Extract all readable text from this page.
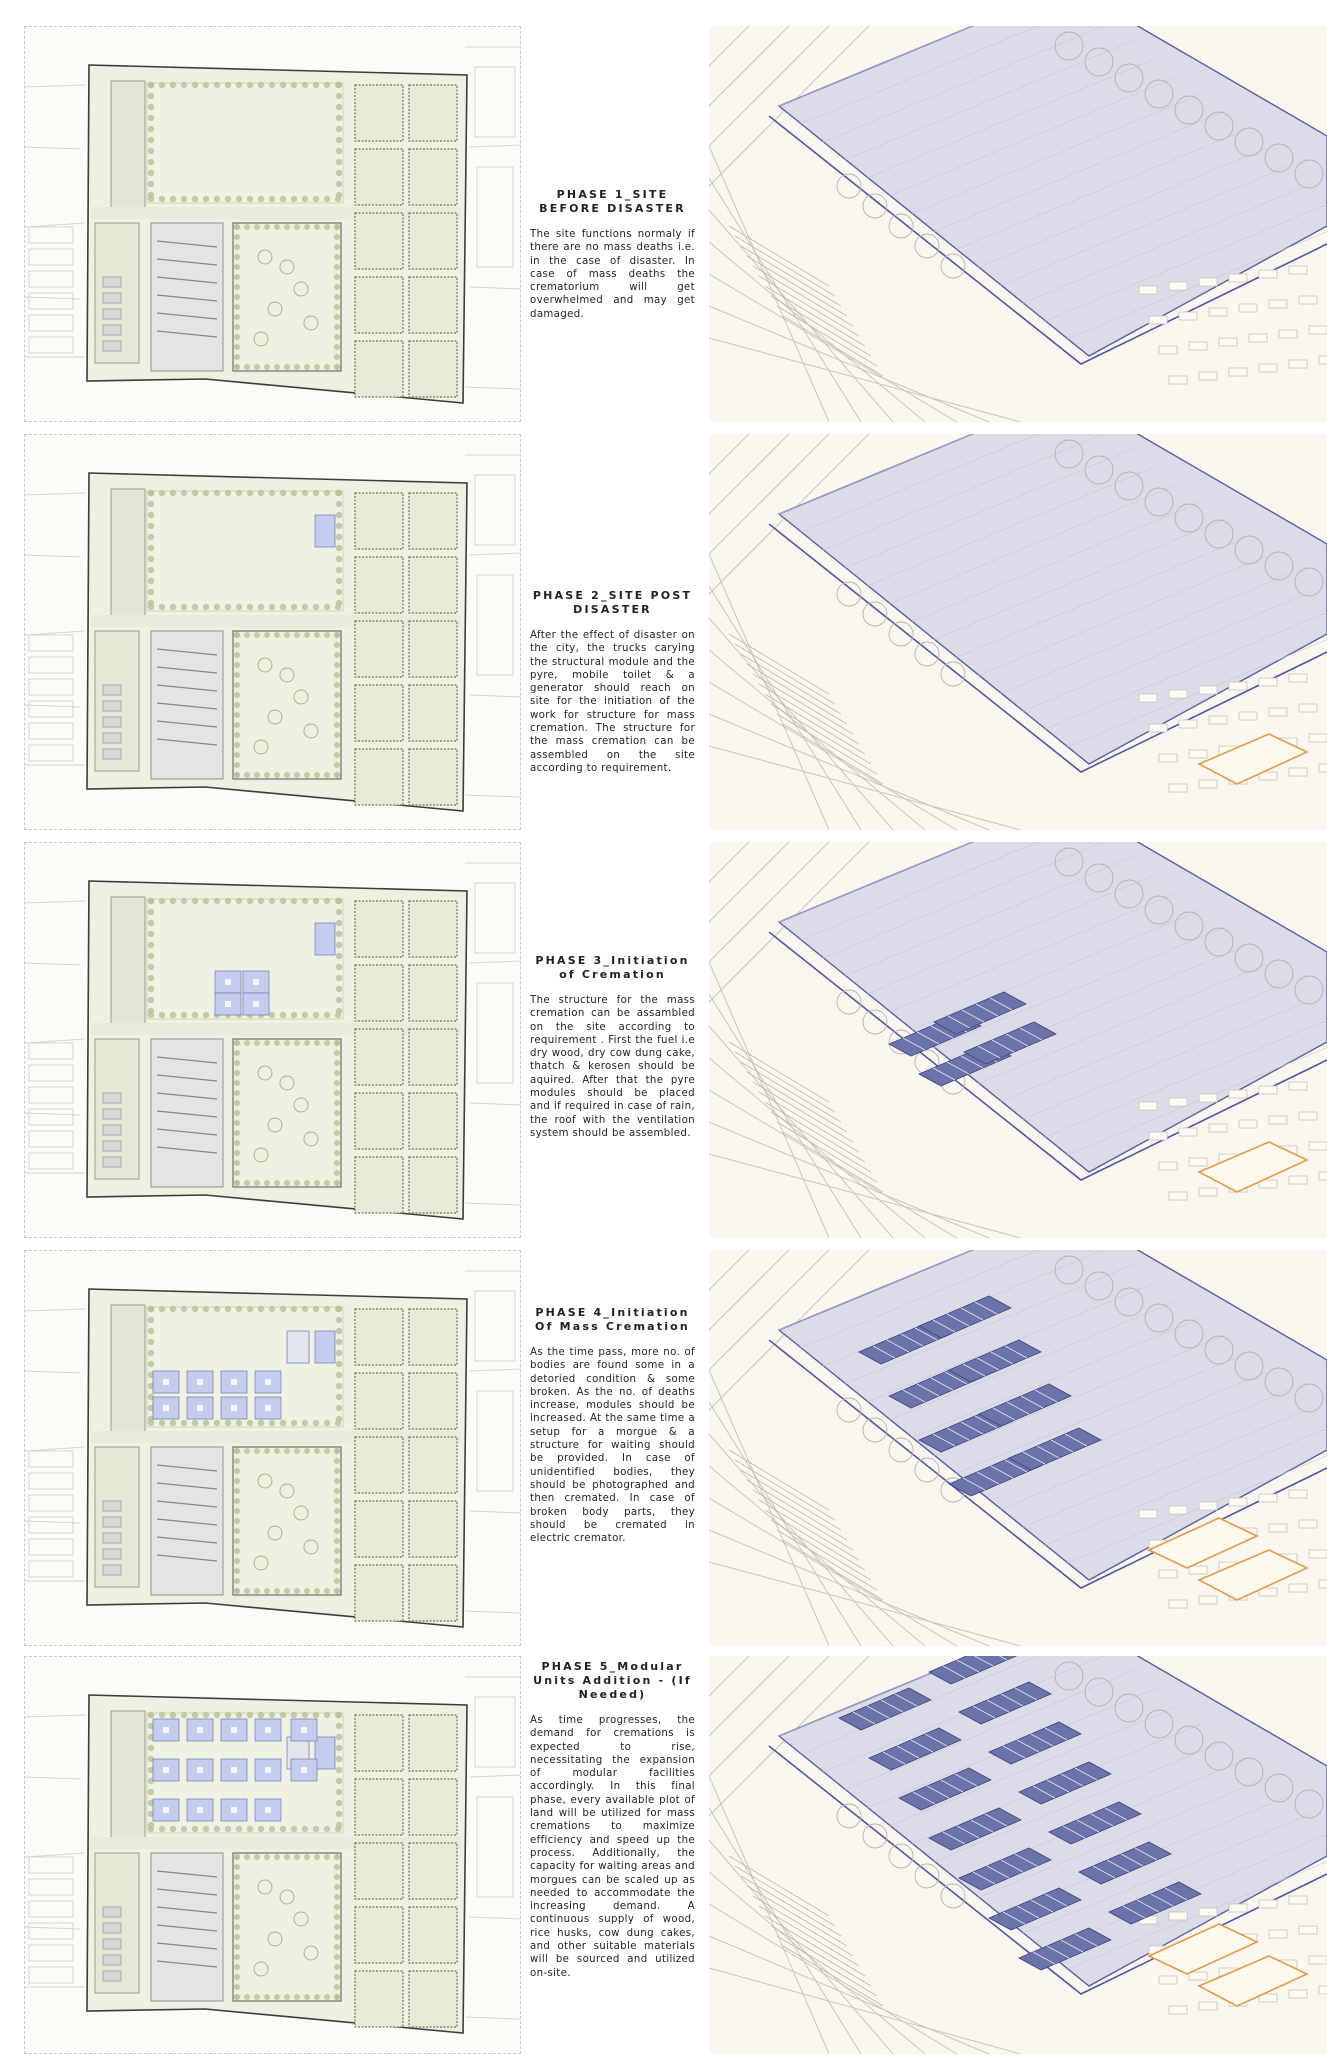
PHASE 1_SITE BEFORE DISASTER

The site functions normaly if there are no mass deaths i.e. in the case of disaster. In case of mass deaths the crematorium will get overwhelmed and may get damaged.

PHASE 2_SITE POST DISASTER

After the effect of disaster on the city, the trucks carying the structural module and the pyre, mobile toilet & a generator should reach on site for the initiation of the work for structure for mass cremation. The structure for the mass cremation can be assembled on the site according to requirement.

PHASE 3_Initiation of Cremation

The structure for the mass cremation can be assambled on the site according to requirement . First the fuel i.e dry wood, dry cow dung cake, thatch & kerosen should be aquired. After that the pyre modules should be placed and if required in case of rain, the roof with the ventilation system should be assembled.

PHASE 4_Initiation Of Mass Cremation

As the time pass, more no. of bodies are found some in a detoried condition & some broken. As the no. of deaths increase, modules should be increased. At the same time a setup for a morgue & a structure for waiting should be provided. In case of unidentified bodies, they should be photographed and then cremated. In case of broken body parts, they should be cremated in electric cremator.

PHASE 5_Modular Units Addition - (If Needed)

As time progresses, the demand for cremations is expected to rise, necessitating the expansion of modular facilities accordingly. In this final phase, every available plot of land will be utilized for mass cremations to maximize efficiency and speed up the process. Additionally, the capacity for waiting areas and morgues can be scaled up as needed to accommodate the increasing demand. A continuous supply of wood, rice husks, cow dung cakes, and other suitable materials will be sourced and utilized on-site.
